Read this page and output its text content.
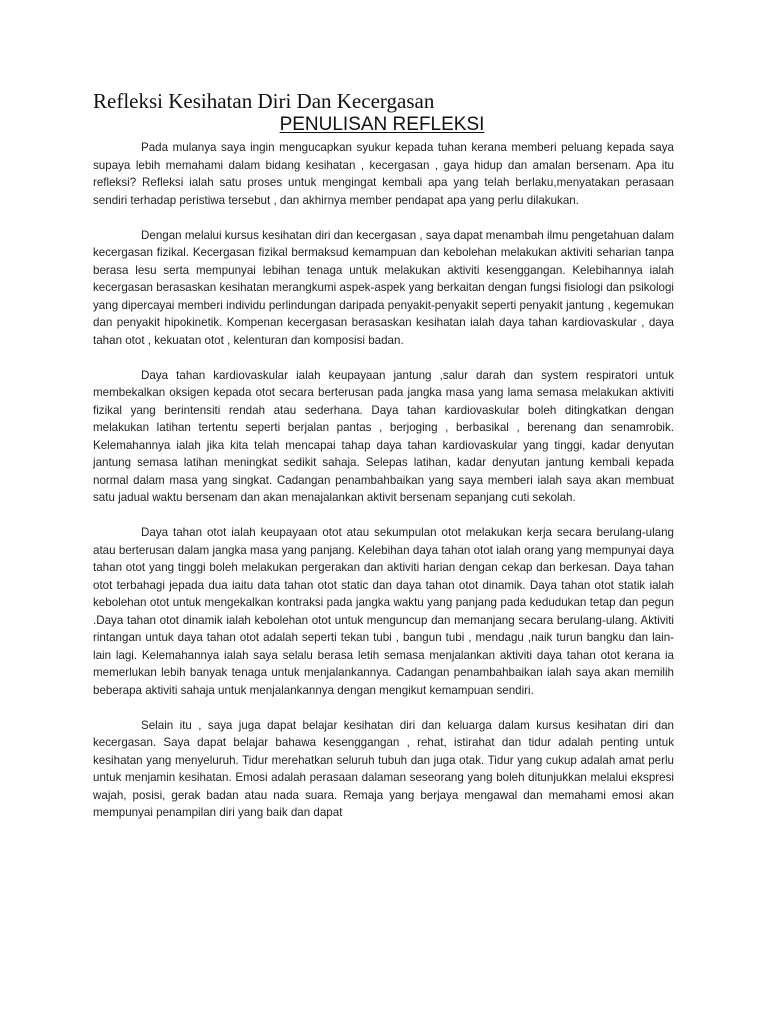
Refleksi Kesihatan Diri Dan Kecergasan
PENULISAN REFLEKSI

Pada mulanya saya ingin mengucapkan syukur kepada tuhan kerana memberi peluang kepada saya supaya lebih memahami dalam bidang kesihatan , kecergasan , gaya hidup dan amalan bersenam. Apa itu refleksi? Refleksi ialah satu proses untuk mengingat kembali apa yang telah berlaku,menyatakan perasaan sendiri terhadap peristiwa tersebut , dan akhirnya member pendapat apa yang perlu dilakukan.

Dengan melalui kursus kesihatan diri dan kecergasan , saya dapat menambah ilmu pengetahuan dalam kecergasan fizikal. Kecergasan fizikal bermaksud kemampuan dan kebolehan melakukan aktiviti seharian tanpa berasa lesu serta mempunyai lebihan tenaga untuk melakukan aktiviti kesenggangan. Kelebihannya ialah kecergasan berasaskan kesihatan merangkumi aspek-aspek yang berkaitan dengan fungsi fisiologi dan psikologi yang dipercayai memberi individu perlindungan daripada penyakit-penyakit seperti penyakit jantung , kegemukan dan penyakit hipokinetik. Kompenan kecergasan berasaskan kesihatan ialah daya tahan kardiovaskular , daya tahan otot , kekuatan otot , kelenturan dan komposisi badan.

Daya tahan kardiovaskular ialah keupayaan jantung ,salur darah dan system respiratori untuk membekalkan oksigen kepada otot secara berterusan pada jangka masa yang lama semasa melakukan aktiviti fizikal yang berintensiti rendah atau sederhana. Daya tahan kardiovaskular boleh ditingkatkan dengan melakukan latihan tertentu seperti berjalan pantas , berjoging , berbasikal , berenang dan senamrobik. Kelemahannya ialah jika kita telah mencapai tahap daya tahan kardiovaskular yang tinggi, kadar denyutan jantung semasa latihan meningkat sedikit sahaja. Selepas latihan, kadar denyutan jantung kembali kepada normal dalam masa yang singkat. Cadangan penambahbaikan yang saya memberi ialah saya akan membuat satu jadual waktu bersenam dan akan menajalankan aktivit bersenam sepanjang cuti sekolah.

Daya tahan otot ialah keupayaan otot atau sekumpulan otot melakukan kerja secara berulang-ulang atau berterusan dalam jangka masa yang panjang. Kelebihan daya tahan otot ialah orang yang mempunyai daya tahan otot yang tinggi boleh melakukan pergerakan dan aktiviti harian dengan cekap dan berkesan. Daya tahan otot terbahagi jepada dua iaitu data tahan otot static dan daya tahan otot dinamik. Daya tahan otot statik ialah kebolehan otot untuk mengekalkan kontraksi pada jangka waktu yang panjang pada kedudukan tetap dan pegun .Daya tahan otot dinamik ialah kebolehan otot untuk menguncup dan memanjang secara berulang-ulang. Aktiviti rintangan untuk daya tahan otot adalah seperti tekan tubi , bangun tubi , mendagu ,naik turun bangku dan lain-lain lagi. Kelemahannya ialah saya selalu berasa letih semasa menjalankan aktiviti daya tahan otot kerana ia memerlukan lebih banyak tenaga untuk menjalankannya. Cadangan penambahbaikan ialah saya akan memilih beberapa aktiviti sahaja untuk menjalankannya dengan mengikut kemampuan sendiri.

Selain itu , saya juga dapat belajar kesihatan diri dan keluarga dalam kursus kesihatan diri dan kecergasan. Saya dapat belajar bahawa kesenggangan , rehat, istirahat dan tidur adalah penting untuk kesihatan yang menyeluruh. Tidur merehatkan seluruh tubuh dan juga otak. Tidur yang cukup adalah amat perlu untuk menjamin kesihatan. Emosi adalah perasaan dalaman seseorang yang boleh ditunjukkan melalui ekspresi wajah, posisi, gerak badan atau nada suara. Remaja yang berjaya mengawal dan memahami emosi akan mempunyai penampilan diri yang baik dan dapat
